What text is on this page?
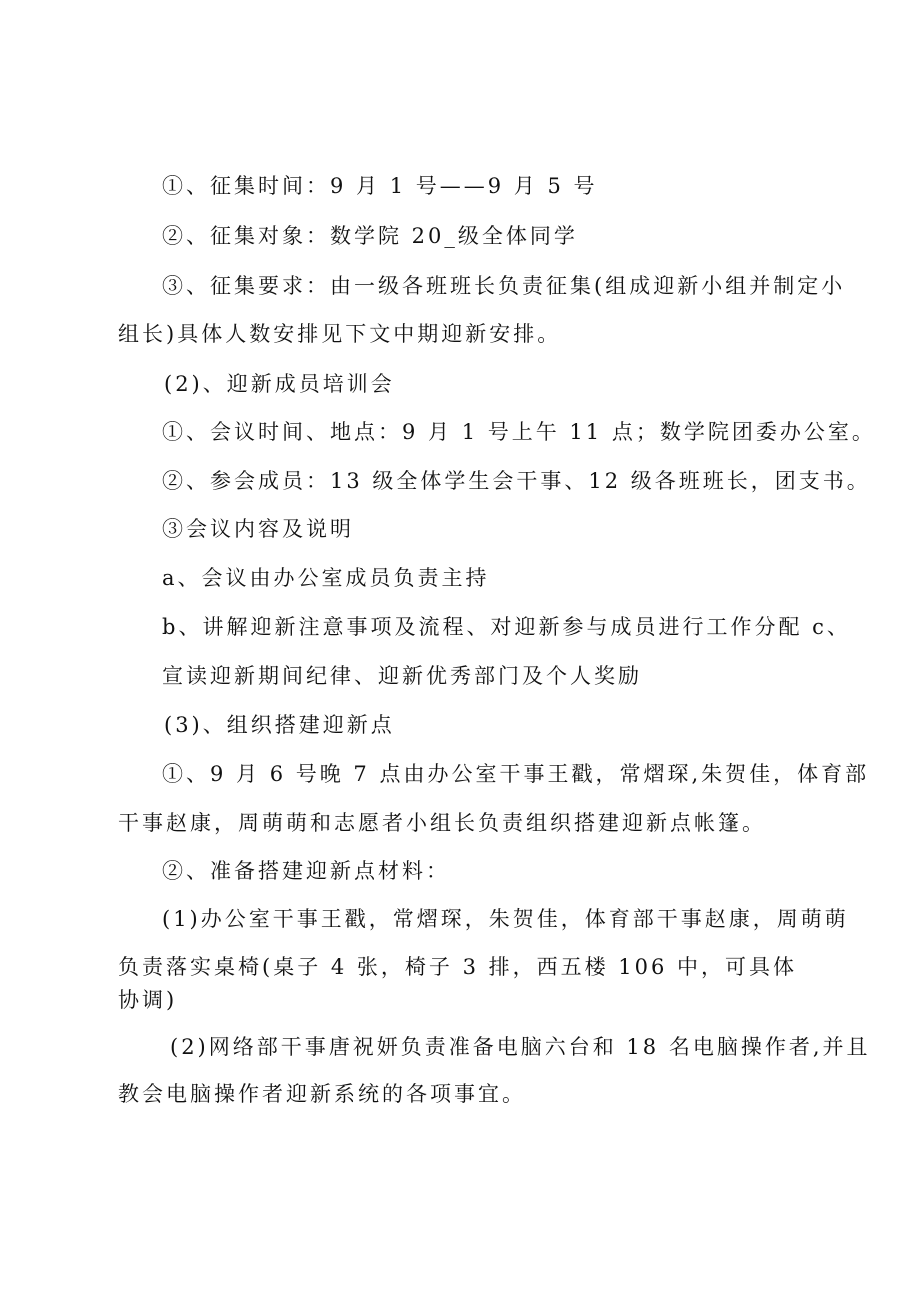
①、征集时间：9 月 1 号——9 月 5 号
②、征集对象：数学院 20_级全体同学
③、征集要求：由一级各班班长负责征集(组成迎新小组并制定小
组长)具体人数安排见下文中期迎新安排。
(2)、迎新成员培训会
①、会议时间、地点：9 月 1 号上午 11 点；数学院团委办公室。
②、参会成员：13 级全体学生会干事、12 级各班班长，团支书。
③会议内容及说明
a、会议由办公室成员负责主持
b、讲解迎新注意事项及流程、对迎新参与成员进行工作分配 c、
宣读迎新期间纪律、迎新优秀部门及个人奖励
(3)、组织搭建迎新点
①、9 月 6 号晚 7 点由办公室干事王戳，常熠琛,朱贺佳，体育部
干事赵康，周萌萌和志愿者小组长负责组织搭建迎新点帐篷。
②、准备搭建迎新点材料：
(1)办公室干事王戳，常熠琛，朱贺佳，体育部干事赵康，周萌萌
负责落实桌椅(桌子 4 张，椅子 3 排，西五楼 106 中，可具体
协调)
(2)网络部干事唐祝妍负责准备电脑六台和 18 名电脑操作者,并且
教会电脑操作者迎新系统的各项事宜。
